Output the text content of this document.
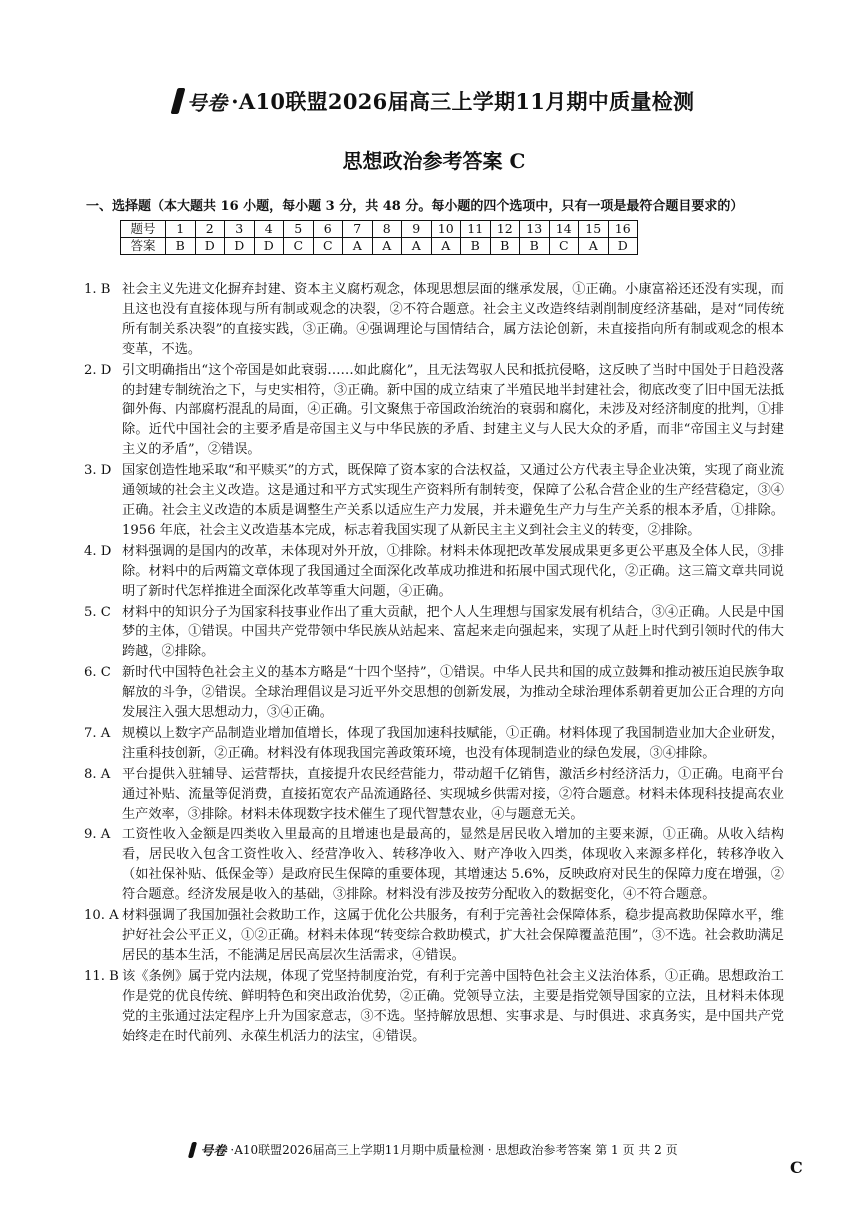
号卷 ·A10联盟2026届高三上学期11月期中质量检测
思想政治参考答案 C
一、选择题（本大题共 16 小题，每小题 3 分，共 48 分。每小题的四个选项中，只有一项是最符合题目要求的）
题号	1	2	3	4	5	6	7	8	9	10	11	12	13	14	15	16
答案	B	D	D	D	C	C	A	A	A	A	B	B	B	C	A	D
1. B 社会主义先进文化摒弃封建、资本主义腐朽观念，体现思想层面的继承发展，①正确。小康富裕还还没有实现，而且这也没有直接体现与所有制或观念的决裂，②不符合题意。社会主义改造终结剥削制度经济基础，是对“同传统所有制关系决裂”的直接实践，③正确。④强调理论与国情结合，属方法论创新，未直接指向所有制或观念的根本变革，不选。
2. D 引文明确指出“这个帝国是如此衰弱……如此腐化”，且无法驾驭人民和抵抗侵略，这反映了当时中国处于日趋没落的封建专制统治之下，与史实相符，③正确。新中国的成立结束了半殖民地半封建社会，彻底改变了旧中国无法抵御外侮、内部腐朽混乱的局面，④正确。引文聚焦于帝国政治统治的衰弱和腐化，未涉及对经济制度的批判，①排除。近代中国社会的主要矛盾是帝国主义与中华民族的矛盾、封建主义与人民大众的矛盾，而非“帝国主义与封建主义的矛盾”，②错误。
3. D 国家创造性地采取“和平赎买”的方式，既保障了资本家的合法权益，又通过公方代表主导企业决策，实现了商业流通领域的社会主义改造。这是通过和平方式实现生产资料所有制转变，保障了公私合营企业的生产经营稳定，③④正确。社会主义改造的本质是调整生产关系以适应生产力发展，并未避免生产力与生产关系的根本矛盾，①排除。1956 年底，社会主义改造基本完成，标志着我国实现了从新民主主义到社会主义的转变，②排除。
4. D 材料强调的是国内的改革，未体现对外开放，①排除。材料未体现把改革发展成果更多更公平惠及全体人民，③排除。材料中的后两篇文章体现了我国通过全面深化改革成功推进和拓展中国式现代化，②正确。这三篇文章共同说明了新时代怎样推进全面深化改革等重大问题，④正确。
5. C 材料中的知识分子为国家科技事业作出了重大贡献，把个人人生理想与国家发展有机结合，③④正确。人民是中国梦的主体，①错误。中国共产党带领中华民族从站起来、富起来走向强起来，实现了从赶上时代到引领时代的伟大跨越，②排除。
6. C 新时代中国特色社会主义的基本方略是“十四个坚持”，①错误。中华人民共和国的成立鼓舞和推动被压迫民族争取解放的斗争，②错误。全球治理倡议是习近平外交思想的创新发展，为推动全球治理体系朝着更加公正合理的方向发展注入强大思想动力，③④正确。
7. A 规模以上数字产品制造业增加值增长，体现了我国加速科技赋能，①正确。材料体现了我国制造业加大企业研发，注重科技创新，②正确。材料没有体现我国完善政策环境，也没有体现制造业的绿色发展，③④排除。
8. A 平台提供入驻辅导、运营帮扶，直接提升农民经营能力，带动超千亿销售，激活乡村经济活力，①正确。电商平台通过补贴、流量等促消费，直接拓宽农产品流通路径、实现城乡供需对接，②符合题意。材料未体现科技提高农业生产效率，③排除。材料未体现数字技术催生了现代智慧农业，④与题意无关。
9. A 工资性收入金额是四类收入里最高的且增速也是最高的，显然是居民收入增加的主要来源，①正确。从收入结构看，居民收入包含工资性收入、经营净收入、转移净收入、财产净收入四类，体现收入来源多样化，转移净收入（如社保补贴、低保金等）是政府民生保障的重要体现，其增速达 5.6%，反映政府对民生的保障力度在增强，②符合题意。经济发展是收入的基础，③排除。材料没有涉及按劳分配收入的数据变化，④不符合题意。
10. A 材料强调了我国加强社会救助工作，这属于优化公共服务，有利于完善社会保障体系，稳步提高救助保障水平，维护好社会公平正义，①②正确。材料未体现“转变综合救助模式，扩大社会保障覆盖范围”，③不选。社会救助满足居民的基本生活，不能满足居民高层次生活需求，④错误。
11. B 该《条例》属于党内法规，体现了党坚持制度治党，有利于完善中国特色社会主义法治体系，①正确。思想政治工作是党的优良传统、鲜明特色和突出政治优势，②正确。党领导立法，主要是指党领导国家的立法，且材料未体现党的主张通过法定程序上升为国家意志，③不选。坚持解放思想、实事求是、与时俱进、求真务实，是中国共产党始终走在时代前列、永葆生机活力的法宝，④错误。
号卷 ·A10联盟2026届高三上学期11月期中质量检测 · 思想政治参考答案 第 1 页 共 2 页
C
